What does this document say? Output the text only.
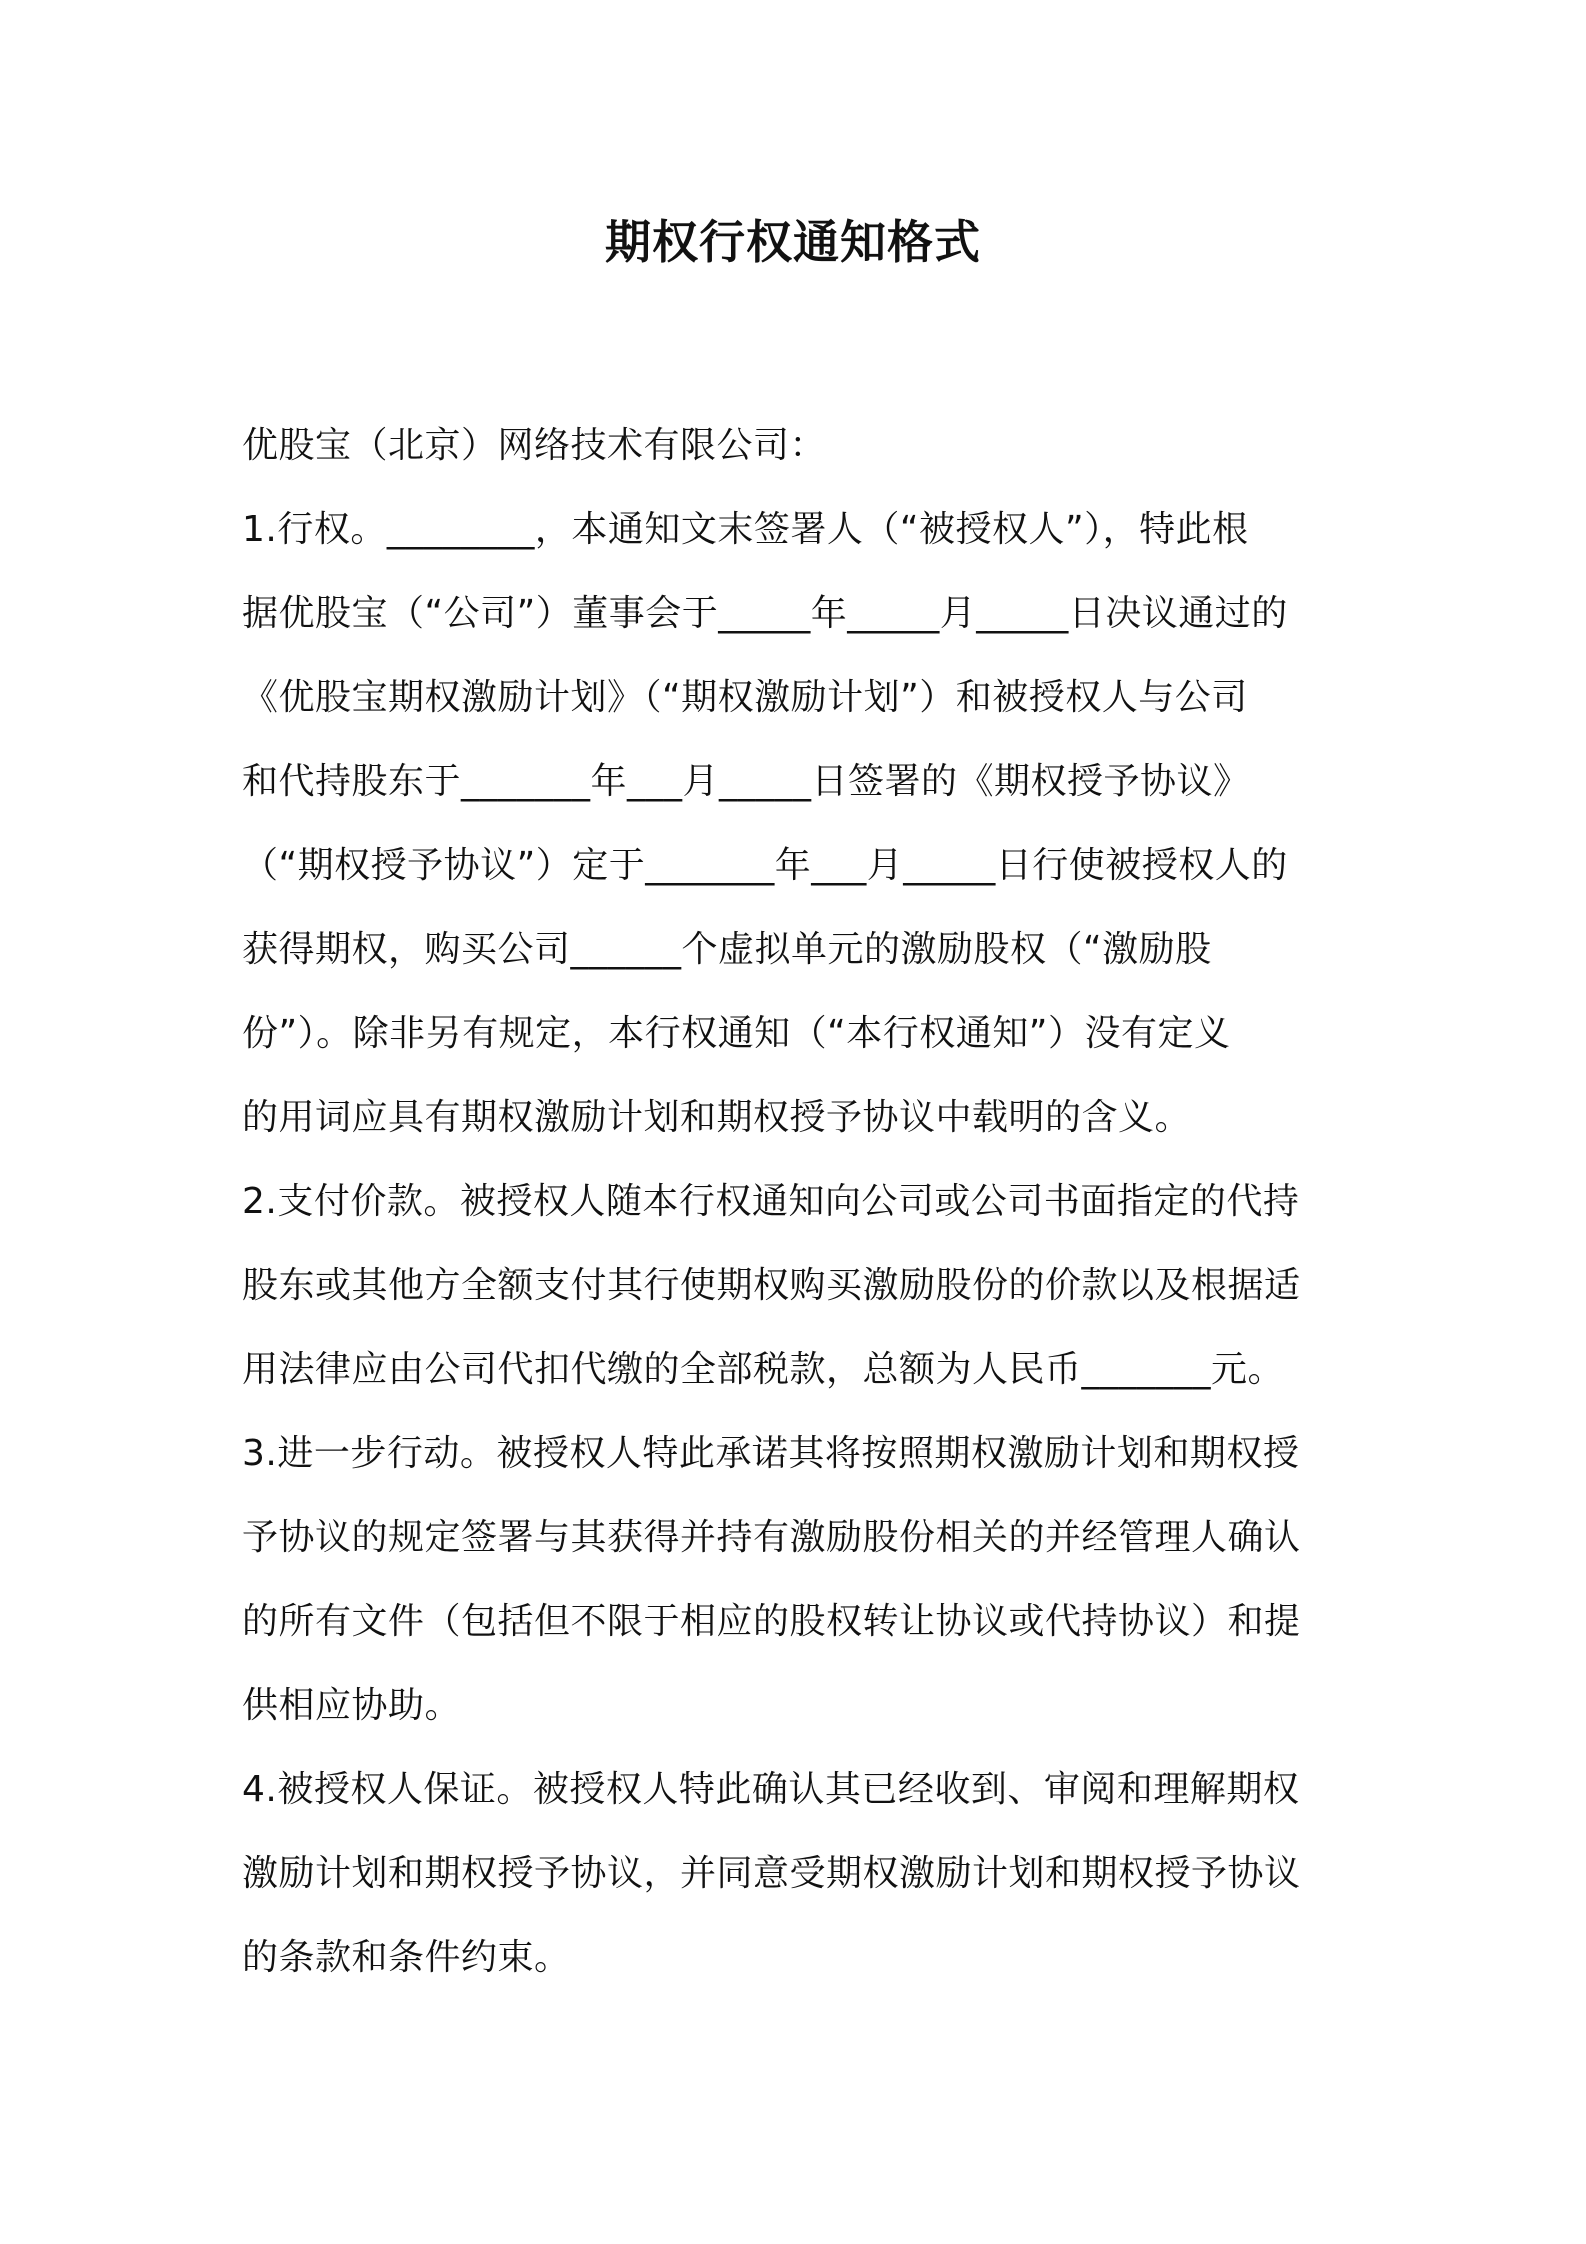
期权行权通知格式
优股宝（北京）网络技术有限公司：
1.行权。________，本通知文末签署人（“被授权人”），特此根
据优股宝（“公司”）董事会于_____年_____月_____日决议通过的
《优股宝期权激励计划》（“期权激励计划”）和被授权人与公司
和代持股东于_______年___月_____日签署的《期权授予协议》
（“期权授予协议”）定于_______年___月_____日行使被授权人的
获得期权，购买公司______个虚拟单元的激励股权（“激励股
份”）。除非另有规定，本行权通知（“本行权通知”）没有定义
的用词应具有期权激励计划和期权授予协议中载明的含义。
2.支付价款。被授权人随本行权通知向公司或公司书面指定的代持
股东或其他方全额支付其行使期权购买激励股份的价款以及根据适
用法律应由公司代扣代缴的全部税款，总额为人民币_______元。
3.进一步行动。被授权人特此承诺其将按照期权激励计划和期权授
予协议的规定签署与其获得并持有激励股份相关的并经管理人确认
的所有文件（包括但不限于相应的股权转让协议或代持协议）和提
供相应协助。
4.被授权人保证。被授权人特此确认其已经收到、审阅和理解期权
激励计划和期权授予协议，并同意受期权激励计划和期权授予协议
的条款和条件约束。
